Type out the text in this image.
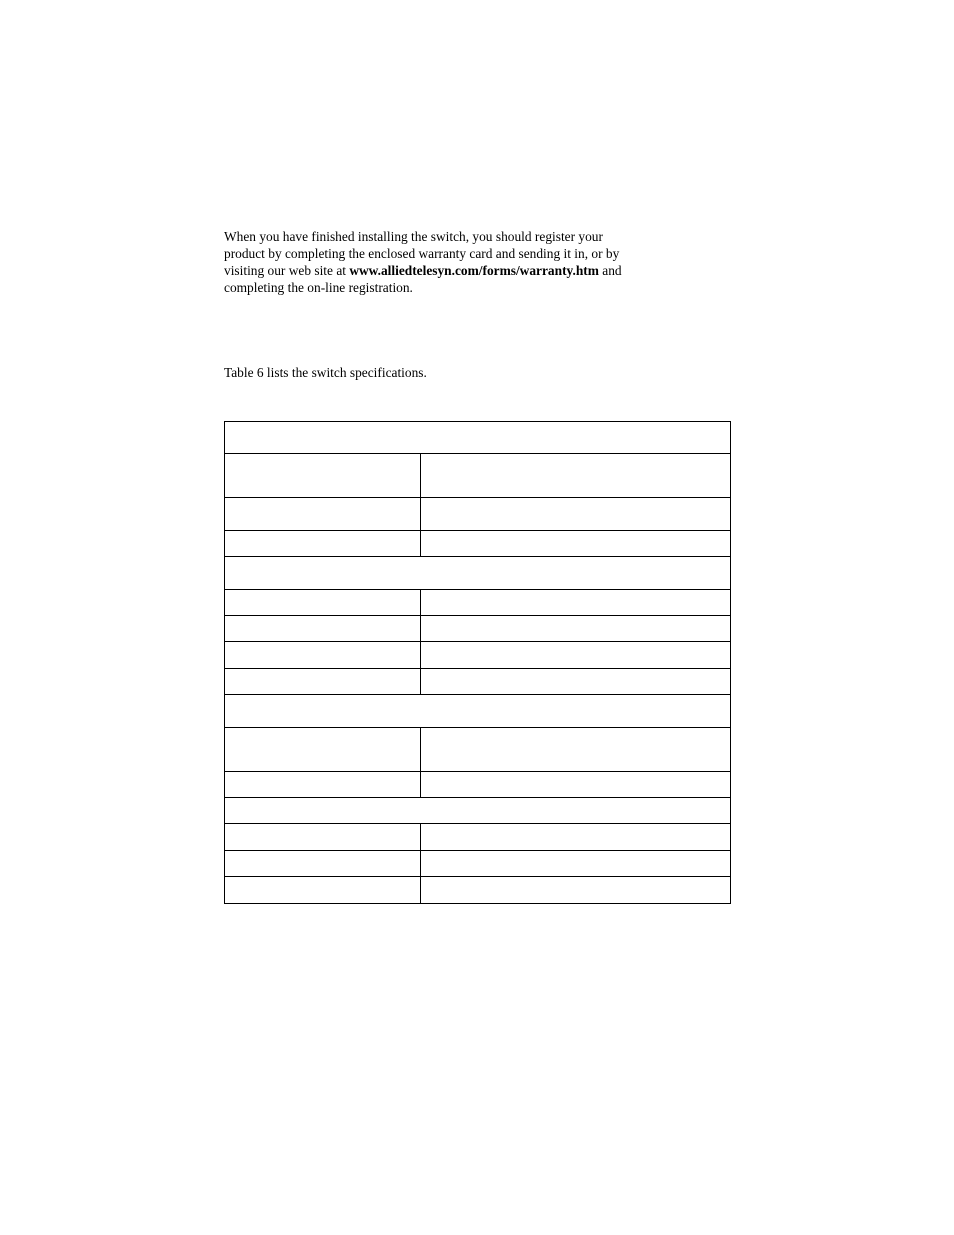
When you have finished installing the switch, you should register your
product by completing the enclosed warranty card and sending it in, or by
visiting our web site at www.alliedtelesyn.com/forms/warranty.htm and
completing the on-line registration.

Table 6 lists the switch specifications.
